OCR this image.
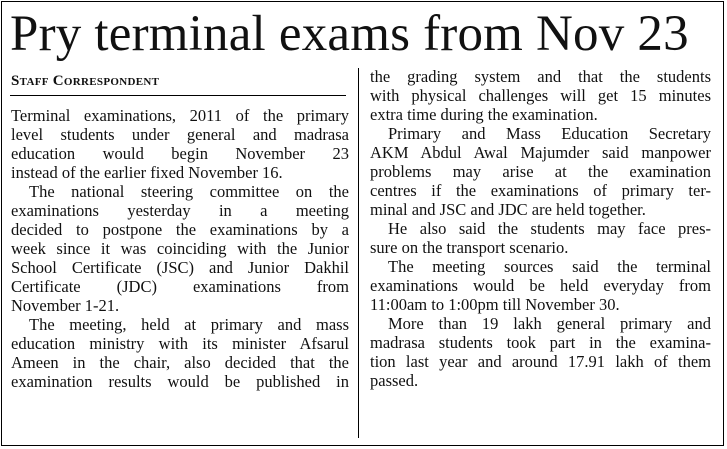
Pry terminal exams from Nov 23
Staff Correspondent

Terminal examinations, 2011 of the primary

level students under general and madrasa

education would begin November 23

instead of the earlier fixed November 16.

The national steering committee on the

examinations yesterday in a meeting

decided to postpone the examinations by a

week since it was coinciding with the Junior

School Certificate (JSC) and Junior Dakhil

Certificate (JDC) examinations from

November 1-21.

The meeting, held at primary and mass

education ministry with its minister Afsarul

Ameen in the chair, also decided that the

examination results would be published in

the grading system and that the students

with physical challenges will get 15 minutes

extra time during the examination.

Primary and Mass Education Secretary

AKM Abdul Awal Majumder said manpower

problems may arise at the examination

centres if the examinations of primary ter-

minal and JSC and JDC are held together.

He also said the students may face pres-

sure on the transport scenario.

The meeting sources said the terminal

examinations would be held everyday from

11:00am to 1:00pm till November 30.

More than 19 lakh general primary and

madrasa students took part in the examina-

tion last year and around 17.91 lakh of them

passed.
